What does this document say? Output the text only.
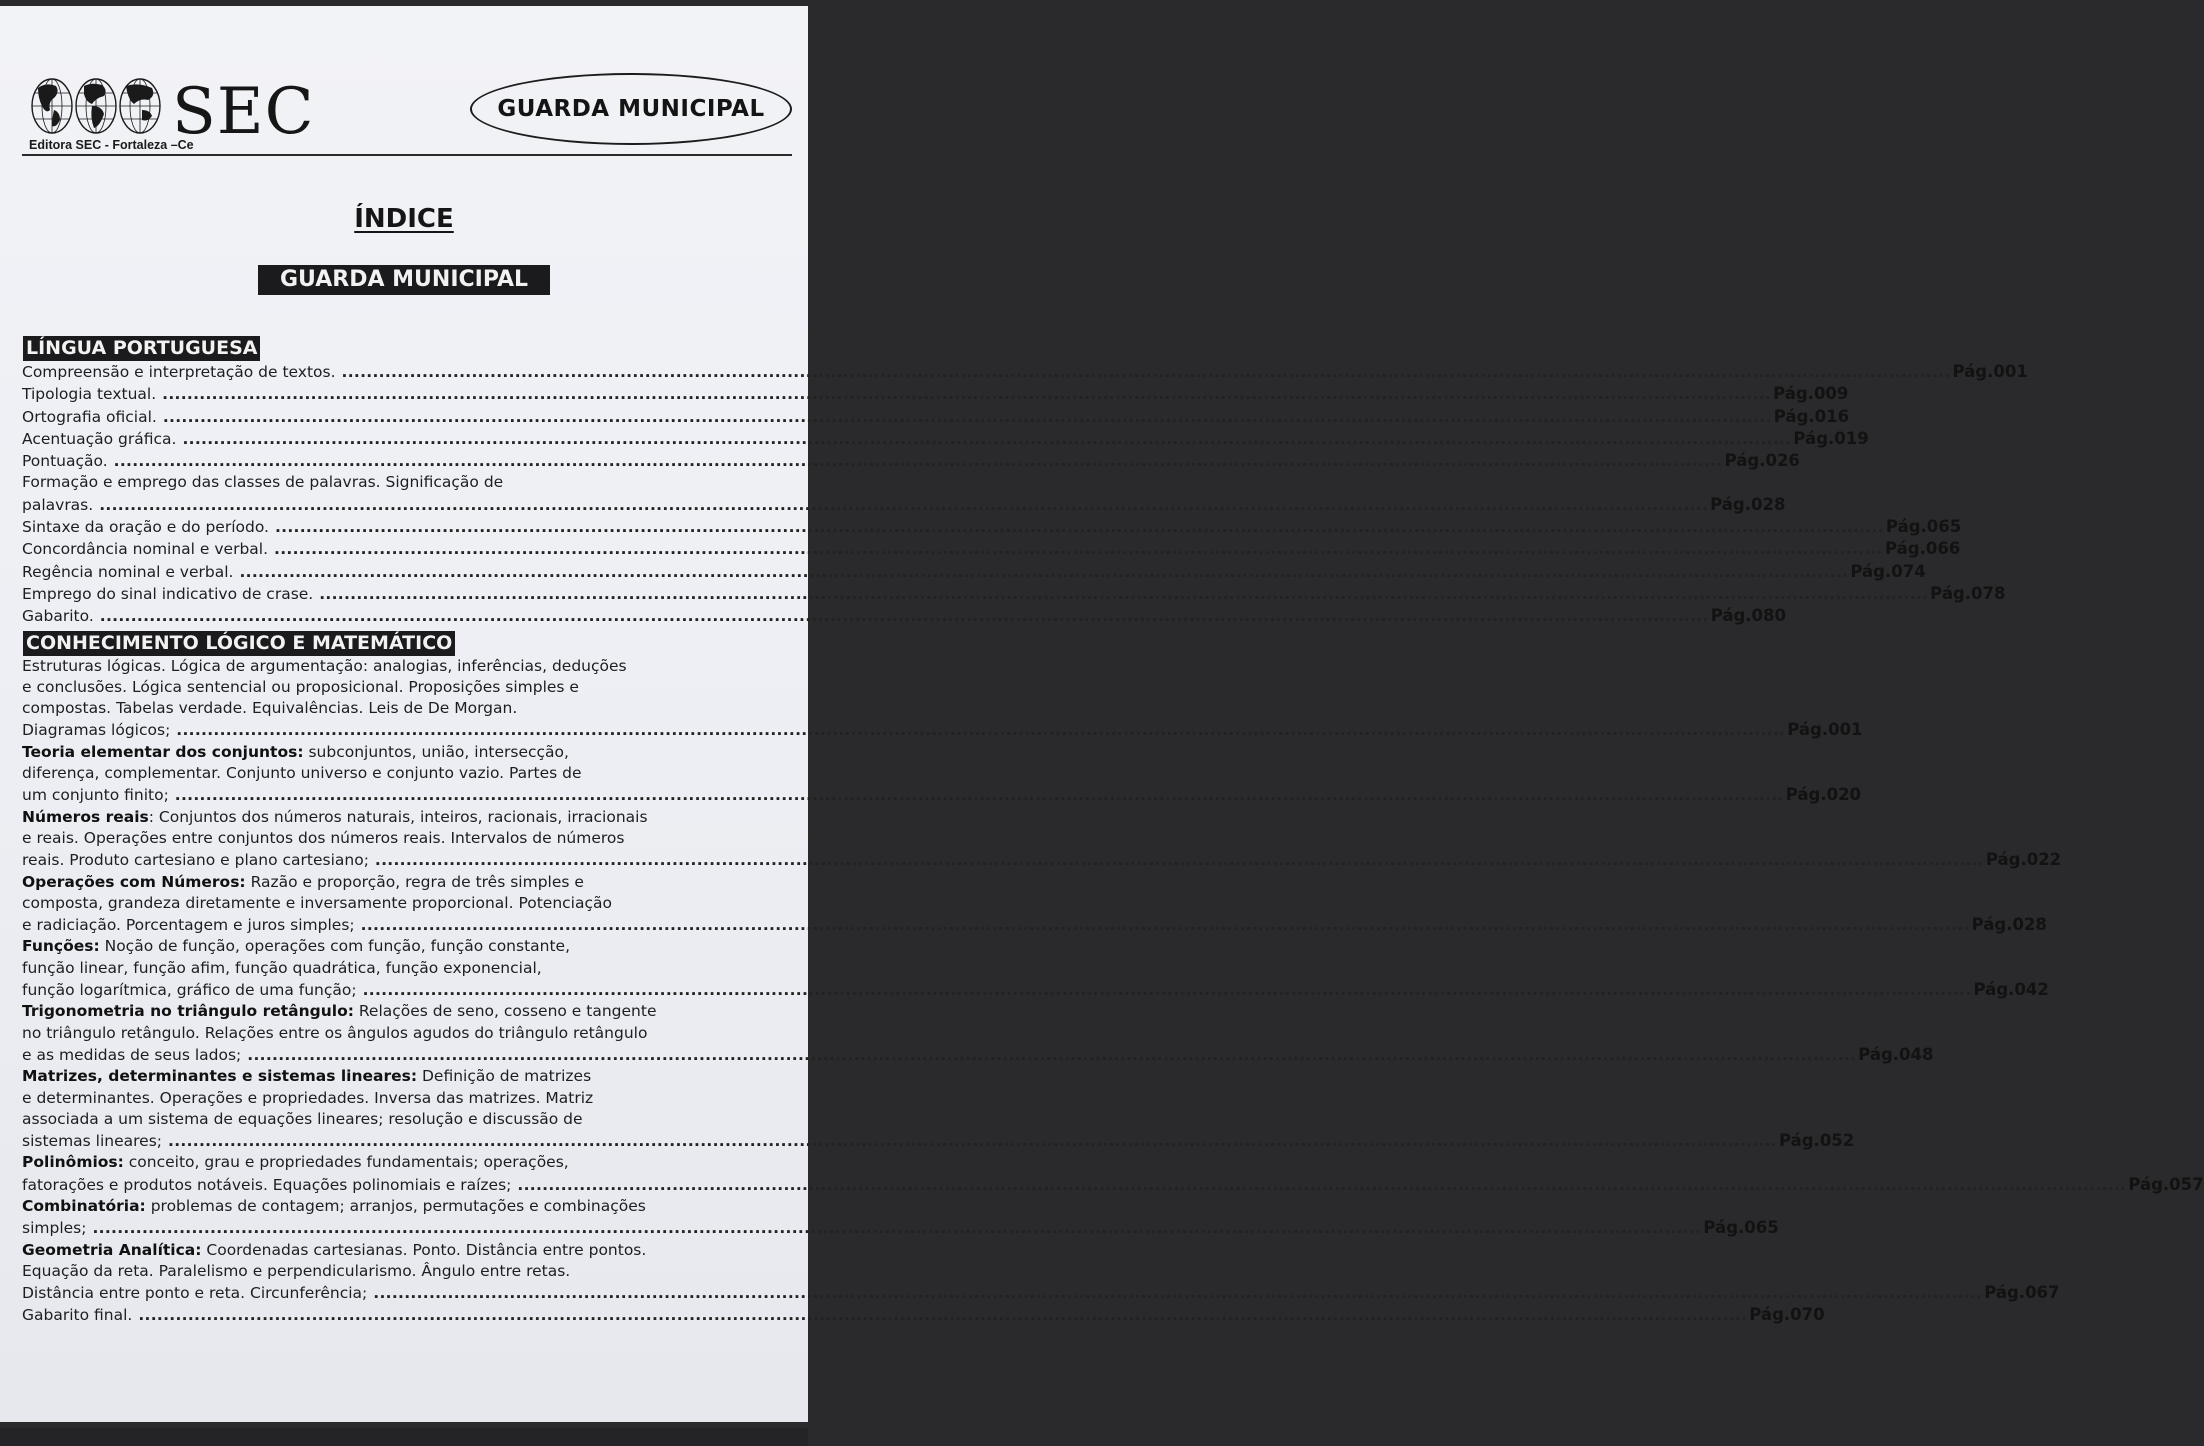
SEC
Editora SEC - Fortaleza –Ce
GUARDA MUNICIPAL
ÍNDICE
GUARDA MUNICIPAL
LÍNGUA PORTUGUESA
Compreensão e interpretação de textos. .................................................................................................................................................................................................................................................................... Pág.001
Tipologia textual. .................................................................................................................................................................................................................................................................... Pág.009
Ortografia oficial. .................................................................................................................................................................................................................................................................... Pág.016
Acentuação gráfica. .................................................................................................................................................................................................................................................................... Pág.019
Pontuação. .................................................................................................................................................................................................................................................................... Pág.026
Formação e emprego das classes de palavras. Significação de
palavras. .................................................................................................................................................................................................................................................................... Pág.028
Sintaxe da oração e do período. .................................................................................................................................................................................................................................................................... Pág.065
Concordância nominal e verbal. .................................................................................................................................................................................................................................................................... Pág.066
Regência nominal e verbal. .................................................................................................................................................................................................................................................................... Pág.074
Emprego do sinal indicativo de crase. .................................................................................................................................................................................................................................................................... Pág.078
Gabarito. .................................................................................................................................................................................................................................................................... Pág.080
CONHECIMENTO LÓGICO E MATEMÁTICO
Estruturas lógicas. Lógica de argumentação: analogias, inferências, deduções
e conclusões. Lógica sentencial ou proposicional. Proposições simples e
compostas. Tabelas verdade. Equivalências. Leis de De Morgan.
Diagramas lógicos; .................................................................................................................................................................................................................................................................... Pág.001
Teoria elementar dos conjuntos: subconjuntos, união, intersecção,
diferença, complementar. Conjunto universo e conjunto vazio. Partes de
um conjunto finito; .................................................................................................................................................................................................................................................................... Pág.020
Números reais: Conjuntos dos números naturais, inteiros, racionais, irracionais
e reais. Operações entre conjuntos dos números reais. Intervalos de números
reais. Produto cartesiano e plano cartesiano; .................................................................................................................................................................................................................................................................... Pág.022
Operações com Números: Razão e proporção, regra de três simples e
composta, grandeza diretamente e inversamente proporcional. Potenciação
e radiciação. Porcentagem e juros simples; .................................................................................................................................................................................................................................................................... Pág.028
Funções: Noção de função, operações com função, função constante,
função linear, função afim, função quadrática, função exponencial,
função logarítmica, gráfico de uma função; .................................................................................................................................................................................................................................................................... Pág.042
Trigonometria no triângulo retângulo: Relações de seno, cosseno e tangente
no triângulo retângulo. Relações entre os ângulos agudos do triângulo retângulo
e as medidas de seus lados; .................................................................................................................................................................................................................................................................... Pág.048
Matrizes, determinantes e sistemas lineares: Definição de matrizes
e determinantes. Operações e propriedades. Inversa das matrizes. Matriz
associada a um sistema de equações lineares; resolução e discussão de
sistemas lineares; .................................................................................................................................................................................................................................................................... Pág.052
Polinômios: conceito, grau e propriedades fundamentais; operações,
fatorações e produtos notáveis. Equações polinomiais e raízes; .................................................................................................................................................................................................................................................................... Pág.057
Combinatória: problemas de contagem; arranjos, permutações e combinações
simples; .................................................................................................................................................................................................................................................................... Pág.065
Geometria Analítica: Coordenadas cartesianas. Ponto. Distância entre pontos.
Equação da reta. Paralelismo e perpendicularismo. Ângulo entre retas.
Distância entre ponto e reta. Circunferência; .................................................................................................................................................................................................................................................................... Pág.067
Gabarito final. .................................................................................................................................................................................................................................................................... Pág.070
